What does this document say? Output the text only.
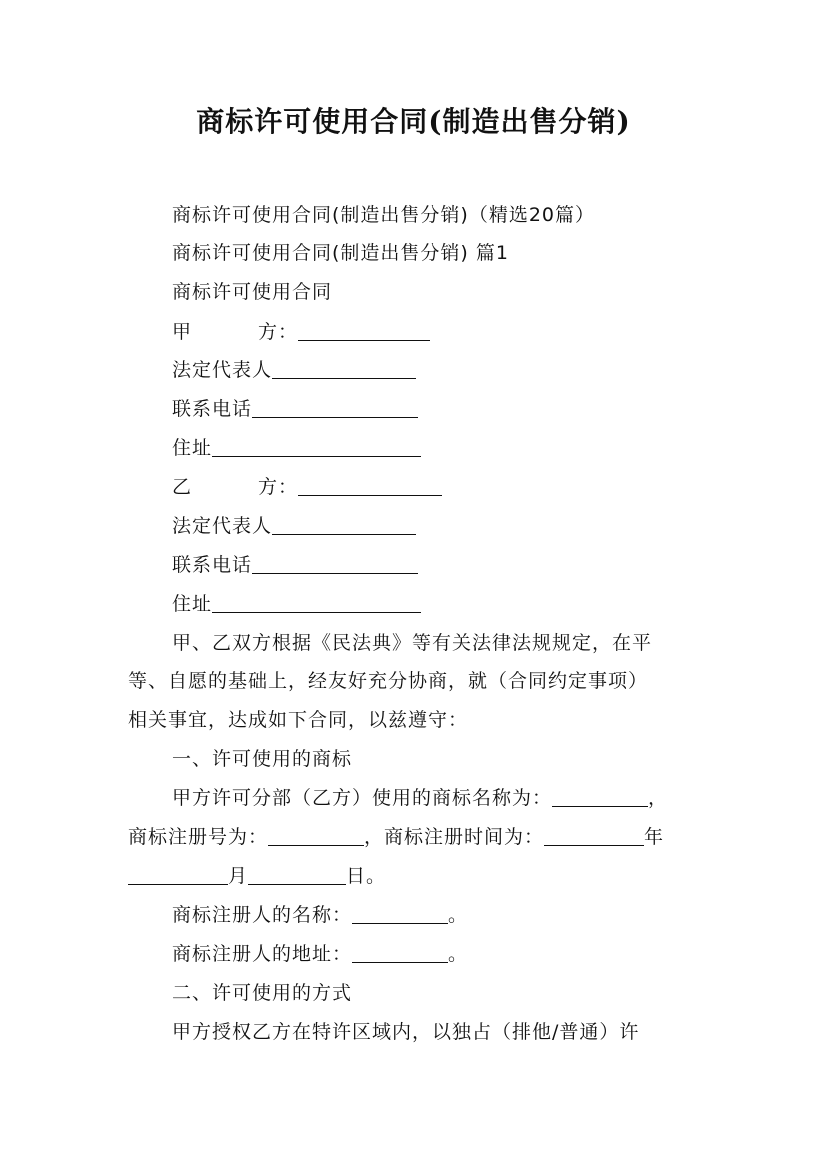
商标许可使用合同(制造出售分销)
商标许可使用合同(制造出售分销)（精选20篇）
商标许可使用合同(制造出售分销) 篇1
商标许可使用合同
甲	方：
法定代表人
联系电话
住址
乙	方：
法定代表人
联系电话
住址
甲、乙双方根据《民法典》等有关法律法规规定，在平
等、自愿的基础上，经友好充分协商，就（合同约定事项）
相关事宜，达成如下合同，以兹遵守：
一、许可使用的商标
甲方许可分部（乙方）使用的商标名称为：	，
商标注册号为：	，商标注册时间为：	年
月	日。
商标注册人的名称：	。
商标注册人的地址：	。
二、许可使用的方式
甲方授权乙方在特许区域内，以独占（排他/普通）许
